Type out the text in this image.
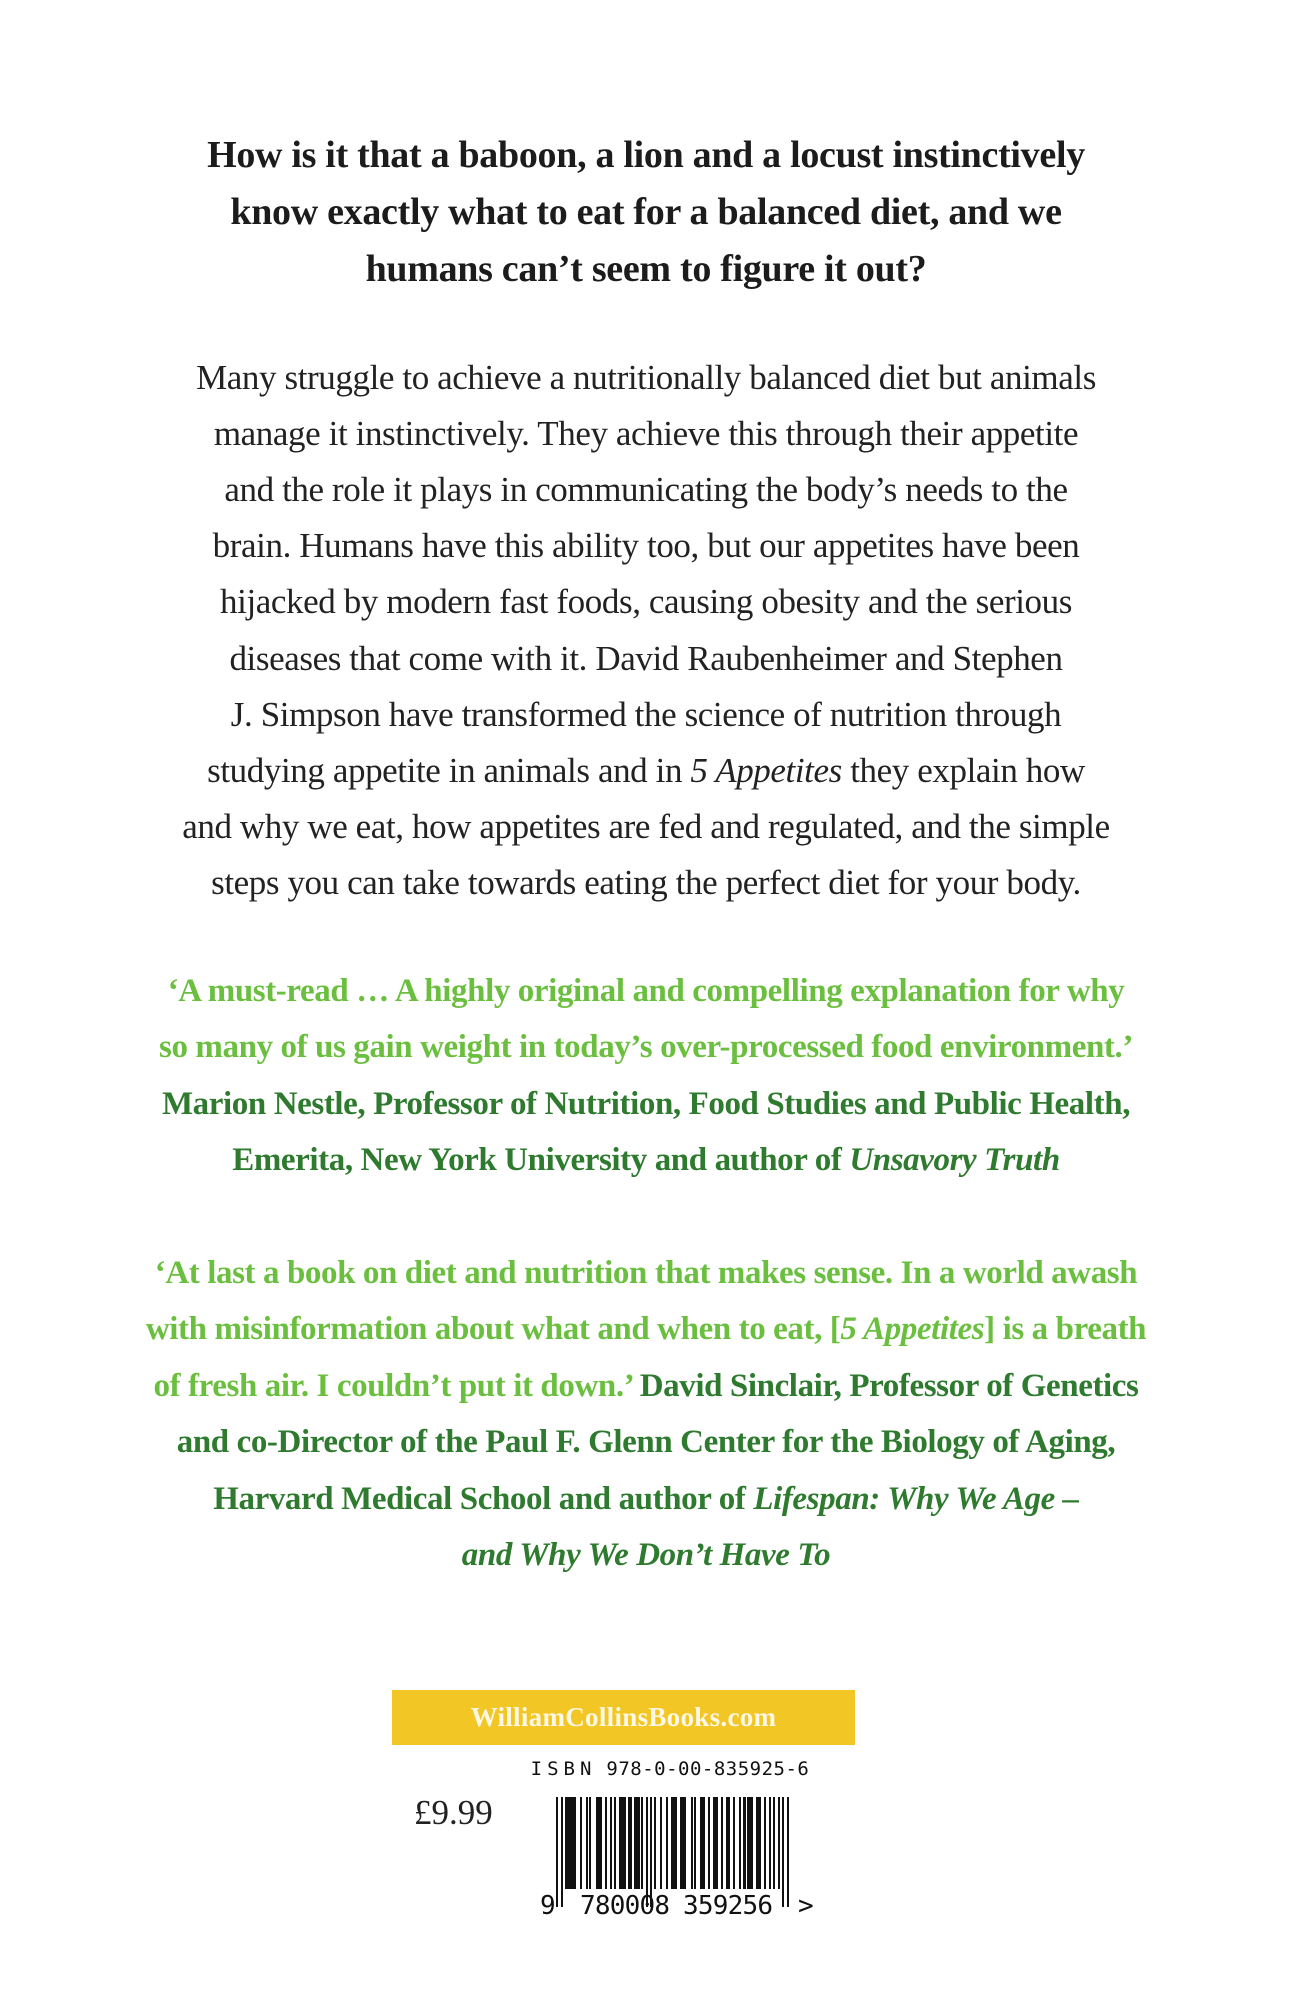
How is it that a baboon, a lion and a locust instinctively
know exactly what to eat for a balanced diet, and we
humans can’t seem to figure it out?
Many struggle to achieve a nutritionally balanced diet but animals
manage it instinctively. They achieve this through their appetite
and the role it plays in communicating the body’s needs to the
brain. Humans have this ability too, but our appetites have been
hijacked by modern fast foods, causing obesity and the serious
diseases that come with it. David Raubenheimer and Stephen
J. Simpson have transformed the science of nutrition through
studying appetite in animals and in 5 Appetites they explain how
and why we eat, how appetites are fed and regulated, and the simple
steps you can take towards eating the perfect diet for your body.
‘A must-read … A highly original and compelling explanation for why
so many of us gain weight in today’s over-processed food environment.’
Marion Nestle, Professor of Nutrition, Food Studies and Public Health,
Emerita, New York University and author of Unsavory Truth
‘At last a book on diet and nutrition that makes sense. In a world awash
with misinformation about what and when to eat, [5 Appetites] is a breath
of fresh air. I couldn’t put it down.’ David Sinclair, Professor of Genetics
and co-Director of the Paul F. Glenn Center for the Biology of Aging,
Harvard Medical School and author of Lifespan: Why We Age –
and Why We Don’t Have To
WilliamCollinsBooks.com
£9.99
ISBN 978-0-00-835925-6
9 780008 359256 >
